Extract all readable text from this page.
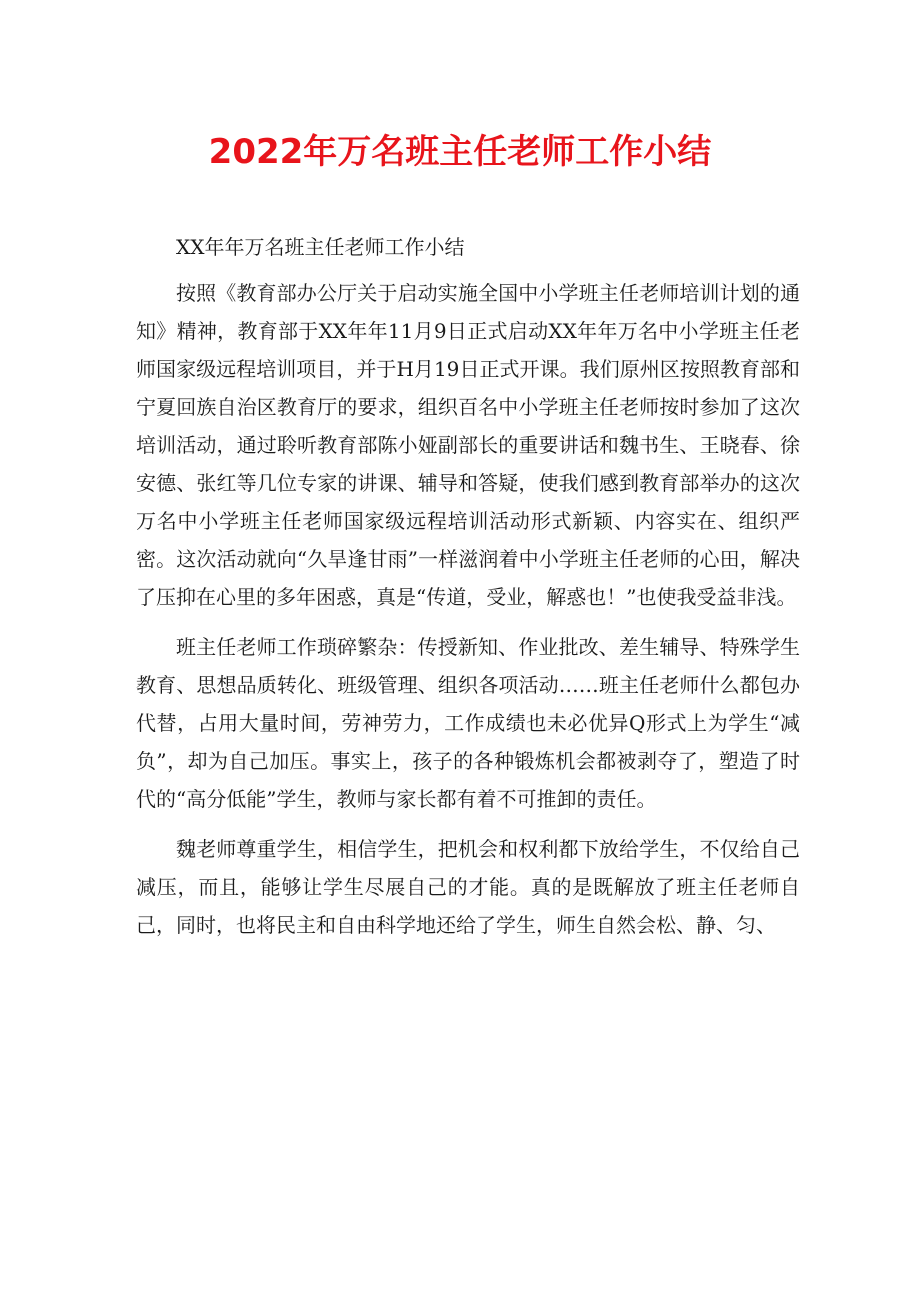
2022年万名班主任老师工作小结

XX年年万名班主任老师工作小结

按照《教育部办公厅关于启动实施全国中小学班主任老师培训计划的通知》精神，教育部于XX年年11月9日正式启动XX年年万名中小学班主任老师国家级远程培训项目，并于H月19日正式开课。我们原州区按照教育部和宁夏回族自治区教育厅的要求，组织百名中小学班主任老师按时参加了这次培训活动，通过聆听教育部陈小娅副部长的重要讲话和魏书生、王晓春、徐安德、张红等几位专家的讲课、辅导和答疑，使我们感到教育部举办的这次万名中小学班主任老师国家级远程培训活动形式新颖、内容实在、组织严密。这次活动就向“久旱逢甘雨”一样滋润着中小学班主任老师的心田，解决了压抑在心里的多年困惑，真是“传道，受业，解惑也！”也使我受益非浅。

班主任老师工作琐碎繁杂：传授新知、作业批改、差生辅导、特殊学生教育、思想品质转化、班级管理、组织各项活动……班主任老师什么都包办代替，占用大量时间，劳神劳力，工作成绩也未必优异Q形式上为学生“减负”，却为自己加压。事实上，孩子的各种锻炼机会都被剥夺了，塑造了时代的“高分低能”学生，教师与家长都有着不可推卸的责任。

魏老师尊重学生，相信学生，把机会和权利都下放给学生，不仅给自己减压，而且，能够让学生尽展自己的才能。真的是既解放了班主任老师自己，同时，也将民主和自由科学地还给了学生，师生自然会松、静、匀、
